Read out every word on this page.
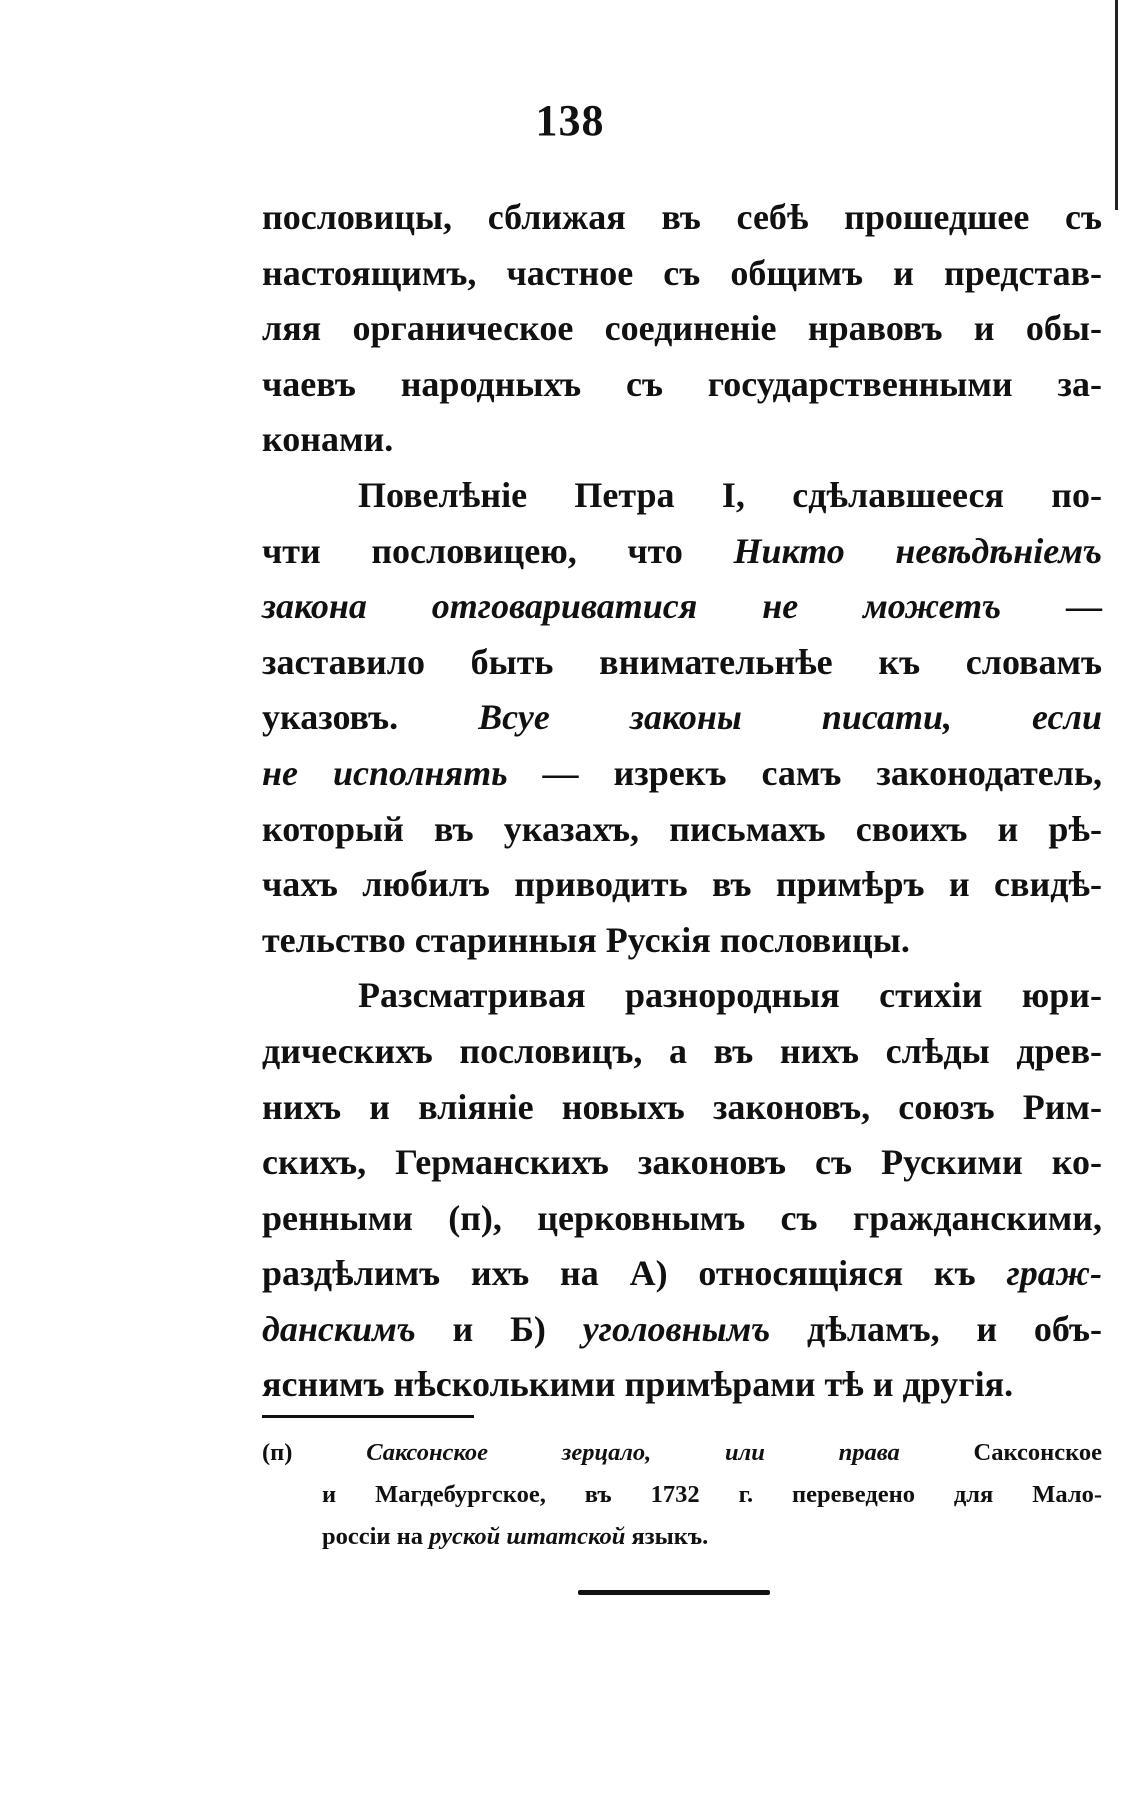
138
пословицы, сближая въ себѣ прошедшее съ
настоящимъ, частное съ общимъ и представ-
ляя органическое соединенiе нравовъ и обы-
чаевъ народныхъ съ государственными за-
конами.
Повелѣнiе Петра I, сдѣлавшееся по-
чти пословицею, что Никто невѣдѣнiемъ
закона отговариватися не можетъ —
заставило быть внимательнѣе къ словамъ
указовъ. Всуе законы писати, если
не исполнять — изрекъ самъ законодатель,
который въ указахъ, письмахъ своихъ и рѣ-
чахъ любилъ приводить въ примѣръ и свидѣ-
тельство старинныя Рускiя пословицы.
Разсматривая разнородныя стихiи юри-
дическихъ пословицъ, а въ нихъ слѣды древ-
нихъ и влiянiе новыхъ законовъ, союзъ Рим-
скихъ, Германскихъ законовъ съ Рускими ко-
ренными (п), церковнымъ съ гражданскими,
раздѣлимъ ихъ на А) относящiяся къ граж-
данскимъ и Б) уголовнымъ дѣламъ, и объ-
яснимъ нѣсколькими примѣрами тѣ и другiя.
(п) Саксонское зерцало, или права Саксонское
и Магдебургское, въ 1732 г. переведено для Мало-
россiи на руской штатской языкъ.
